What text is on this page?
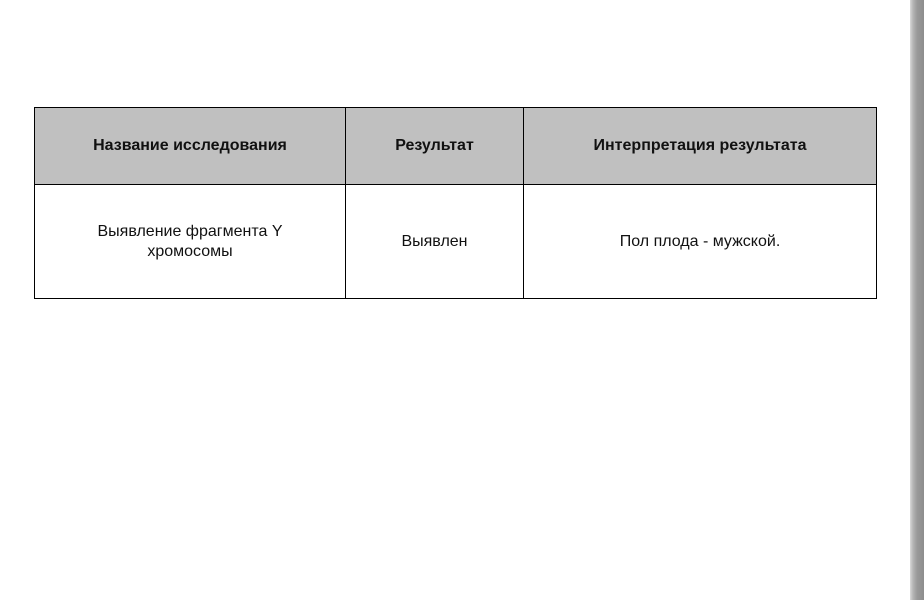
Название исследования	Результат	Интерпретация результата
Выявление фрагмента Y хромосомы	Выявлен	Пол плода - мужской.
